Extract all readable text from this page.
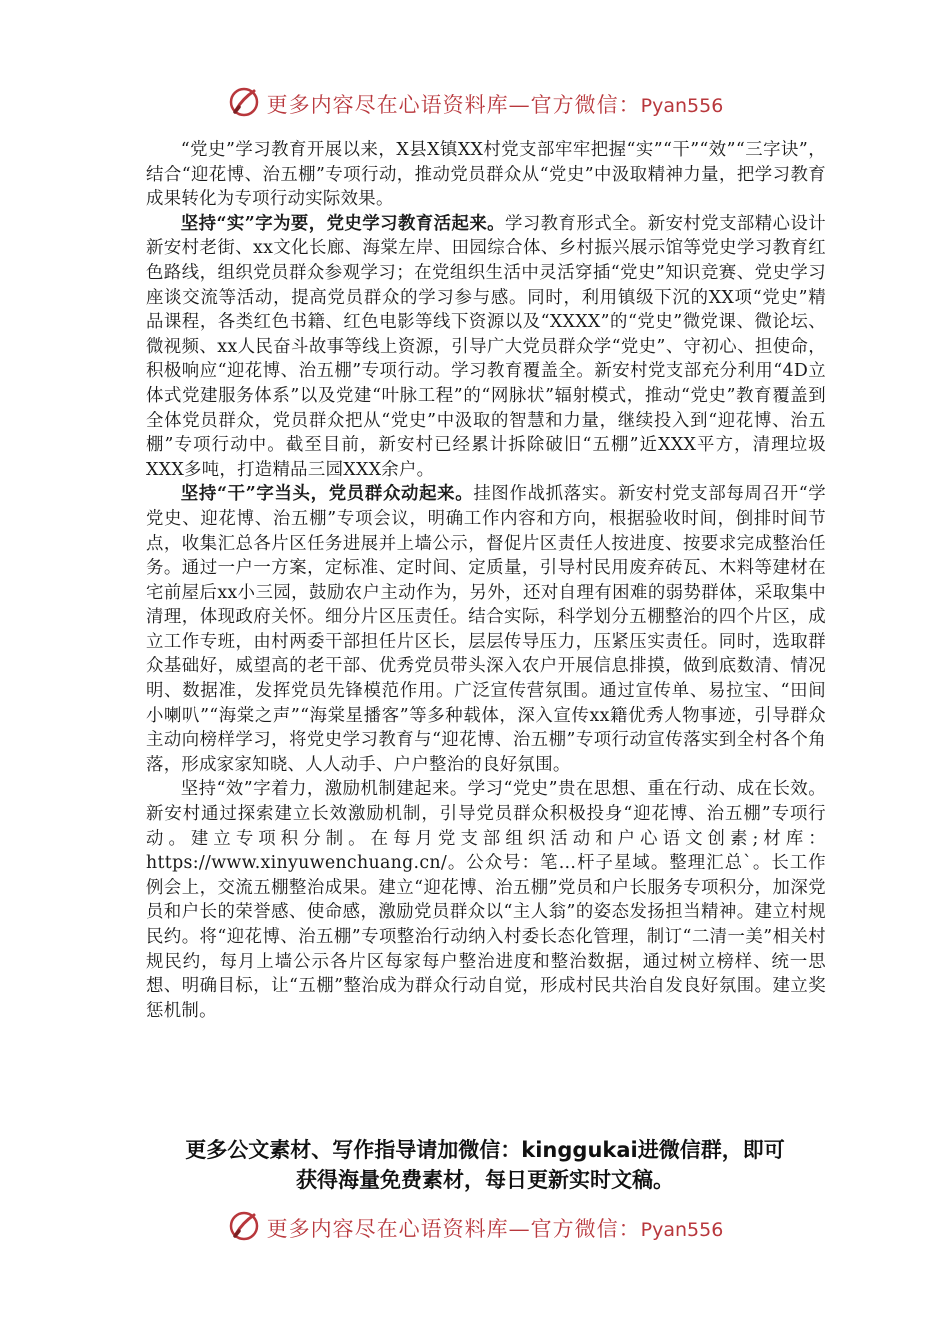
更多内容尽在心语资料库—官方微信：Pyan556

“党史”学习教育开展以来，X县X镇XX村党支部牢牢把握“实”“干”“效”“三字诀”，结合“迎花博、治五棚”专项行动，推动党员群众从“党史”中汲取精神力量，把学习教育成果转化为专项行动实际效果。

坚持“实”字为要，党史学习教育活起来。学习教育形式全。新安村党支部精心设计新安村老街、xx文化长廊、海棠左岸、田园综合体、乡村振兴展示馆等党史学习教育红色路线，组织党员群众参观学习；在党组织生活中灵活穿插“党史”知识竞赛、党史学习座谈交流等活动，提高党员群众的学习参与感。同时，利用镇级下沉的XX项“党史”精品课程，各类红色书籍、红色电影等线下资源以及“XXXX”的“党史”微党课、微论坛、微视频、xx人民奋斗故事等线上资源，引导广大党员群众学“党史”、守初心、担使命，积极响应“迎花博、治五棚”专项行动。学习教育覆盖全。新安村党支部充分利用“4D立体式党建服务体系”以及党建“叶脉工程”的“网脉状”辐射模式，推动“党史”教育覆盖到全体党员群众，党员群众把从“党史”中汲取的智慧和力量，继续投入到“迎花博、治五棚”专项行动中。截至目前，新安村已经累计拆除破旧“五棚”近XXX平方，清理垃圾XXX多吨，打造精品三园XXX余户。

坚持“干”字当头，党员群众动起来。挂图作战抓落实。新安村党支部每周召开“学党史、迎花博、治五棚”专项会议，明确工作内容和方向，根据验收时间，倒排时间节点，收集汇总各片区任务进展并上墙公示，督促片区责任人按进度、按要求完成整治任务。通过一户一方案，定标准、定时间、定质量，引导村民用废弃砖瓦、木料等建材在宅前屋后xx小三园，鼓励农户主动作为，另外，还对自理有困难的弱势群体，采取集中清理，体现政府关怀。细分片区压责任。结合实际，科学划分五棚整治的四个片区，成立工作专班，由村两委干部担任片区长，层层传导压力，压紧压实责任。同时，选取群众基础好，威望高的老干部、优秀党员带头深入农户开展信息排摸，做到底数清、情况明、数据准，发挥党员先锋模范作用。广泛宣传营氛围。通过宣传单、易拉宝、“田间小喇叭”“海棠之声”“海棠星播客”等多种载体，深入宣传xx籍优秀人物事迹，引导群众主动向榜样学习，将党史学习教育与“迎花博、治五棚”专项行动宣传落实到全村各个角落，形成家家知晓、人人动手、户户整治的良好氛围。

坚持“效”字着力，激励机制建起来。学习“党史”贵在思想、重在行动、成在长效。新安村通过探索建立长效激励机制，引导党员群众积极投身“迎花博、治五棚”专项行动。建立专项积分制。在每月党支部组织活动和户心语文创素;材库：https://www.xinyuwenchuang.cn/。公众号：笔…杆子星域。整理汇总`。长工作例会上，交流五棚整治成果。建立“迎花博、治五棚”党员和户长服务专项积分，加深党员和户长的荣誉感、使命感，激励党员群众以“主人翁”的姿态发扬担当精神。建立村规民约。将“迎花博、治五棚”专项整治行动纳入村委长态化管理，制订“二清一美”相关村规民约，每月上墙公示各片区每家每户整治进度和整治数据，通过树立榜样、统一思想、明确目标，让“五棚”整治成为群众行动自觉，形成村民共治自发良好氛围。建立奖惩机制。

更多公文素材、写作指导请加微信：kinggukai进微信群，即可
获得海量免费素材，每日更新实时文稿。
更多内容尽在心语资料库—官方微信：Pyan556
